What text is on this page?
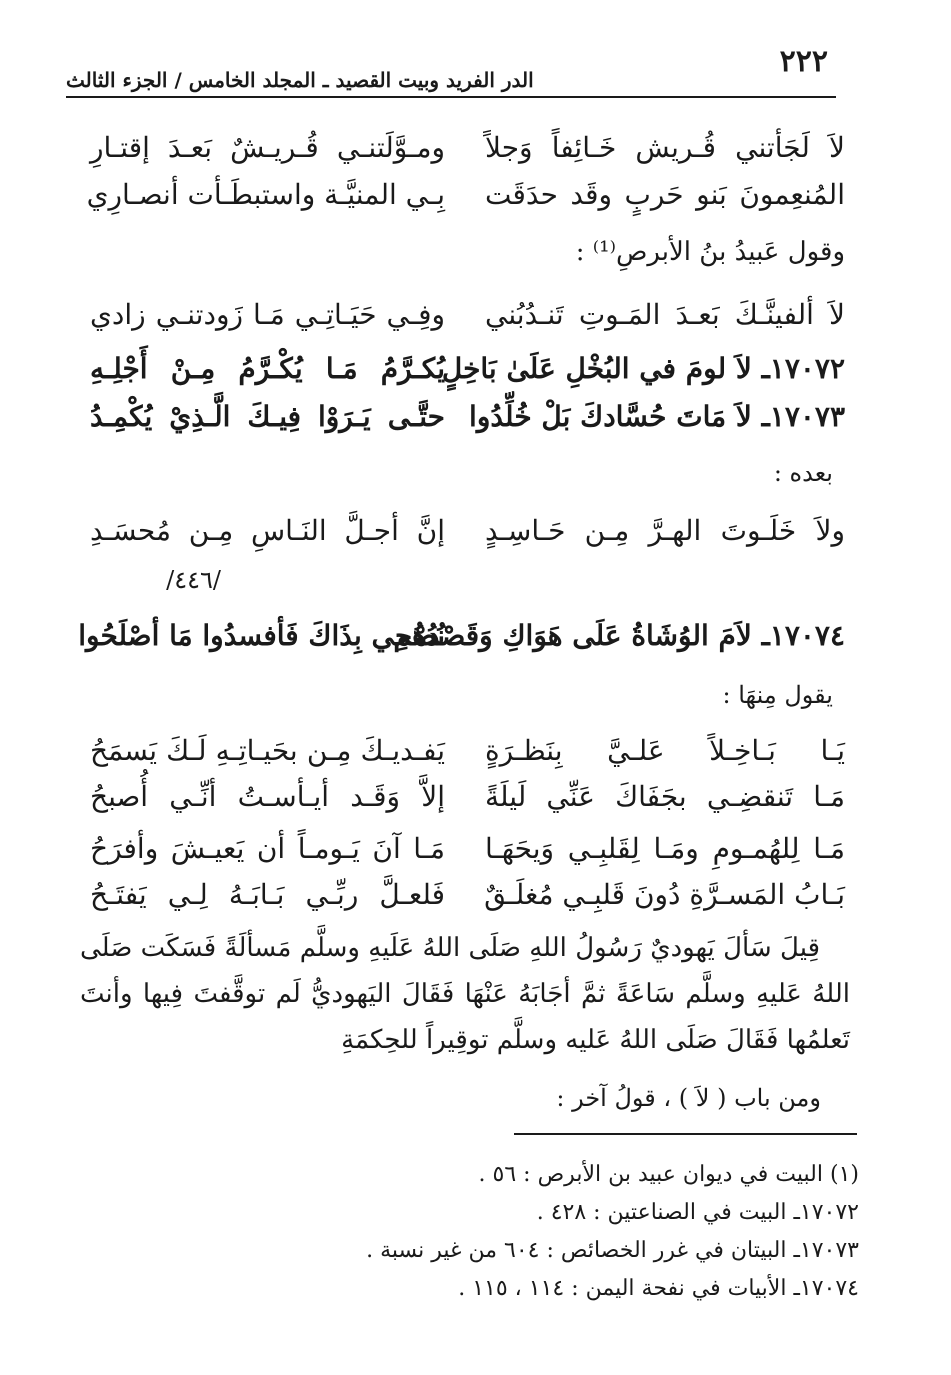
٢٢٢
الدر الفريد وبيت القصيد ـ المجلد الخامس / الجزء الثالث
لاَ لَجَأتني قُـريش خَـائِفاً وَجلاً
ومـوَّلَتنـي قُـريـشٌ بَعـدَ إقتـارِ
المُنعِمونَ بَنو حَربٍ وقَد حدَقَت
بِـي المنيَّـة واستبطَـأت أنصـارِي
وقول عَبيدُ بنُ الأبرصِ⁽¹⁾ :
لاَ ألفينَّـكَ بَعـدَ المَـوتِ تَنـدُبُني
وفِـي حَيَـاتِـي مَـا زَودتنـي زادي
١٧٠٧٢ـ لاَ لومَ في البُخْلِ عَلَىٰ بَاخِلٍ
يُكـرَّمُ مَـا يُكْـرَّمُ مِـنْ أَجْلِـهِ
١٧٠٧٣ـ لاَ مَاتَ حُسَّادكَ بَلْ خُلِّدُوا
حتَّـى يَـرَوْا فِيـكَ الَّـذِيْ يُكْمِـدُ
بعده :
ولاَ خَلَـوتَ الهـرَّ مِـن حَـاسِـدٍ
إنَّ أجـلَّ النَـاسِ مِـن مُحسَـدِ
/٤٤٦/
١٧٠٧٤ـ لاَمَ الوُشَاةُ عَلَى هَوَاكِ وَقَصْدُهُم
نُصْحِي بِذَاكَ فَأفسدُوا مَا أصْلَحُوا
يقول مِنهَا :
يَـا بَـاخِـلاً عَلـيَّ بِنَظـرَةٍ
يَفـديـكَ مِـن بحَيـاتِـهِ لَـكَ يَسمَحُ
مَـا تَنقضِـي بجَفَاكَ عَنِّي لَيلَةً
إلاَّ وَقَـد أيـأسـتُ أنِّـي أُصبحُ
مَـا لِلهُمـومِ ومَـا لِقَلبِـي وَيحَهَـا
مَـا آنَ يَـومـاً أن يَعيـشَ وأفرَحُ
بَـابُ المَسـرَّةِ دُونَ قَلبِـي مُغلَـقٌ
فَلعـلَّ ربِّـي بَـابَـهُ لِـي يَفتَـحُ

قِيلَ سَألَ يَهوديٌ رَسُولُ اللهِ صَلَى اللهُ عَلَيهِ وسلَّم مَسألَةً فَسَكَت صَلَى اللهُ عَليهِ وسلَّم سَاعَةً ثمَّ أجَابَهُ عَنْهَا فَقَالَ اليَهوديُّ لَم توقَّفتَ فِيها وأنتَ تَعلمُها فَقَالَ صَلَى اللهُ عَليه وسلَّم توقِيراً للحِكمَةِ

ومن باب ( لاَ ) ، قولُ آخر :
(١) البيت في ديوان عبيد بن الأبرص : ٥٦ .
١٧٠٧٢ـ البيت في الصناعتين : ٤٢٨ .
١٧٠٧٣ـ البيتان في غرر الخصائص : ٦٠٤ من غير نسبة .
١٧٠٧٤ـ الأبيات في نفحة اليمن : ١١٤ ، ١١٥ .
